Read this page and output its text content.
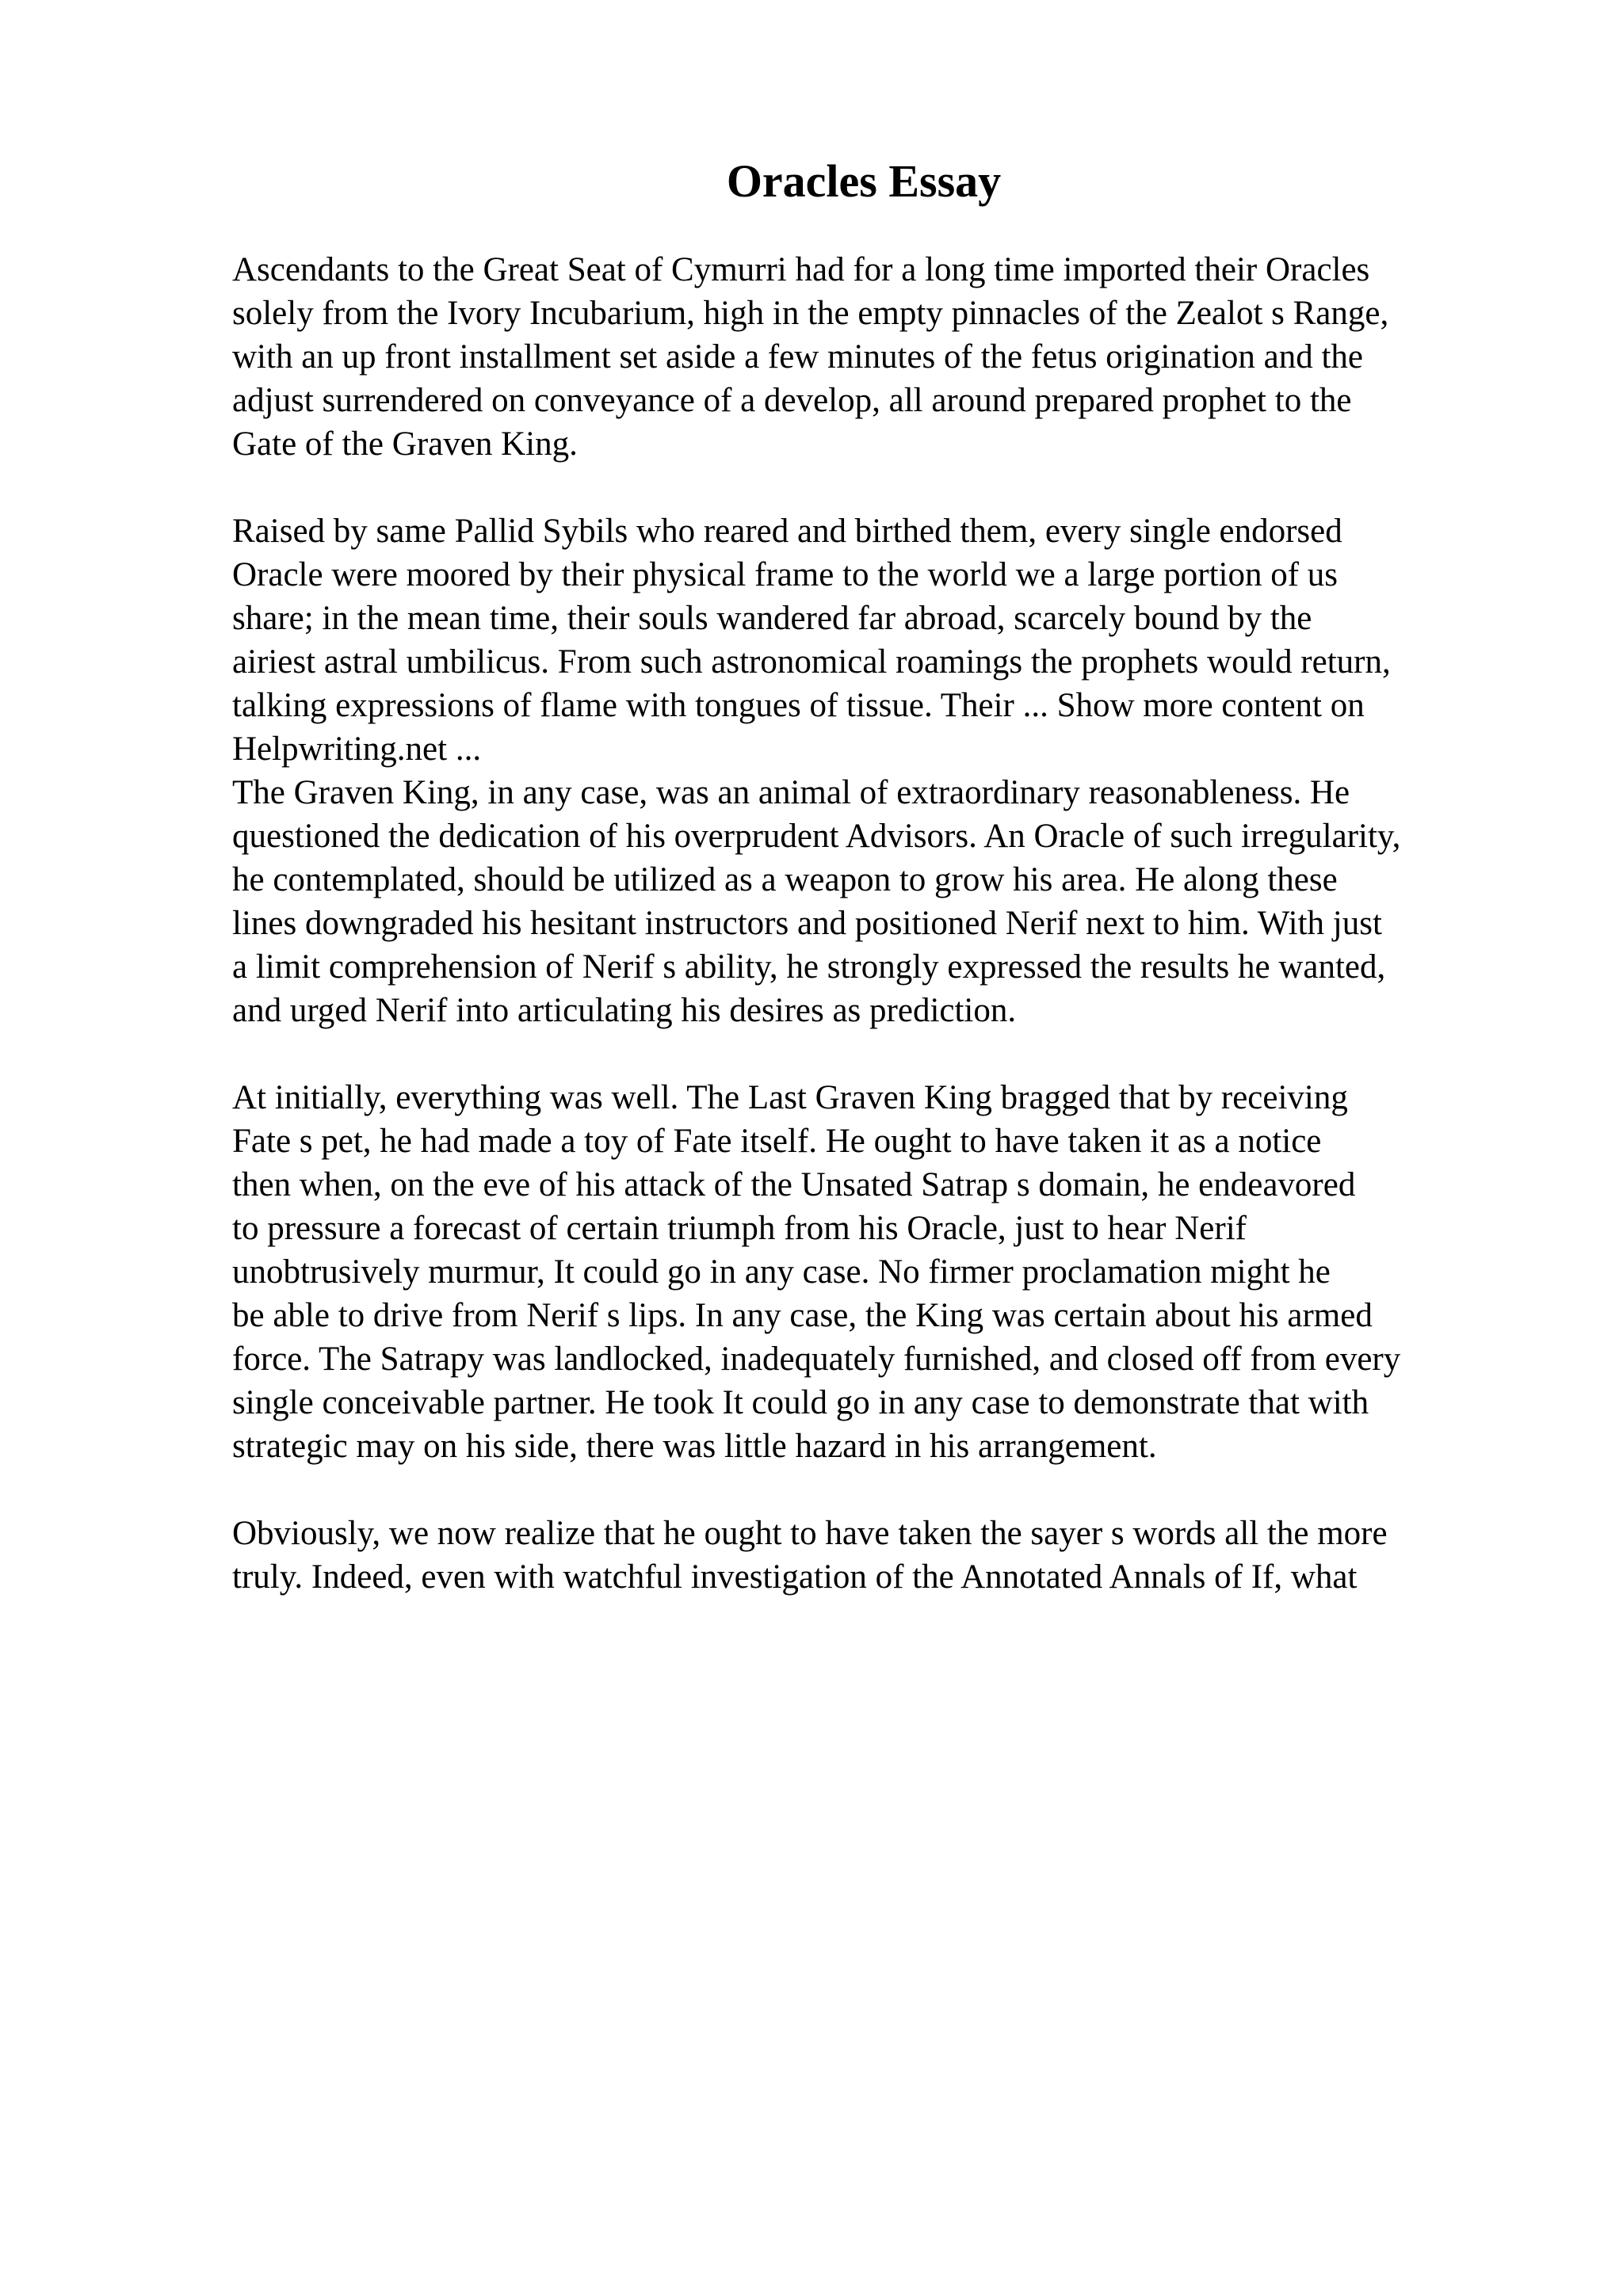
Oracles Essay
Ascendants to the Great Seat of Cymurri had for a long time imported their Oracles
solely from the Ivory Incubarium, high in the empty pinnacles of the Zealot s Range,
with an up front installment set aside a few minutes of the fetus origination and the
adjust surrendered on conveyance of a develop, all around prepared prophet to the
Gate of the Graven King.
Raised by same Pallid Sybils who reared and birthed them, every single endorsed
Oracle were moored by their physical frame to the world we a large portion of us
share; in the mean time, their souls wandered far abroad, scarcely bound by the
airiest astral umbilicus. From such astronomical roamings the prophets would return,
talking expressions of flame with tongues of tissue. Their ... Show more content on
Helpwriting.net ...
The Graven King, in any case, was an animal of extraordinary reasonableness. He
questioned the dedication of his overprudent Advisors. An Oracle of such irregularity,
he contemplated, should be utilized as a weapon to grow his area. He along these
lines downgraded his hesitant instructors and positioned Nerif next to him. With just
a limit comprehension of Nerif s ability, he strongly expressed the results he wanted,
and urged Nerif into articulating his desires as prediction.
At initially, everything was well. The Last Graven King bragged that by receiving
Fate s pet, he had made a toy of Fate itself. He ought to have taken it as a notice
then when, on the eve of his attack of the Unsated Satrap s domain, he endeavored
to pressure a forecast of certain triumph from his Oracle, just to hear Nerif
unobtrusively murmur, It could go in any case. No firmer proclamation might he
be able to drive from Nerif s lips. In any case, the King was certain about his armed
force. The Satrapy was landlocked, inadequately furnished, and closed off from every
single conceivable partner. He took It could go in any case to demonstrate that with
strategic may on his side, there was little hazard in his arrangement.
Obviously, we now realize that he ought to have taken the sayer s words all the more
truly. Indeed, even with watchful investigation of the Annotated Annals of If, what
